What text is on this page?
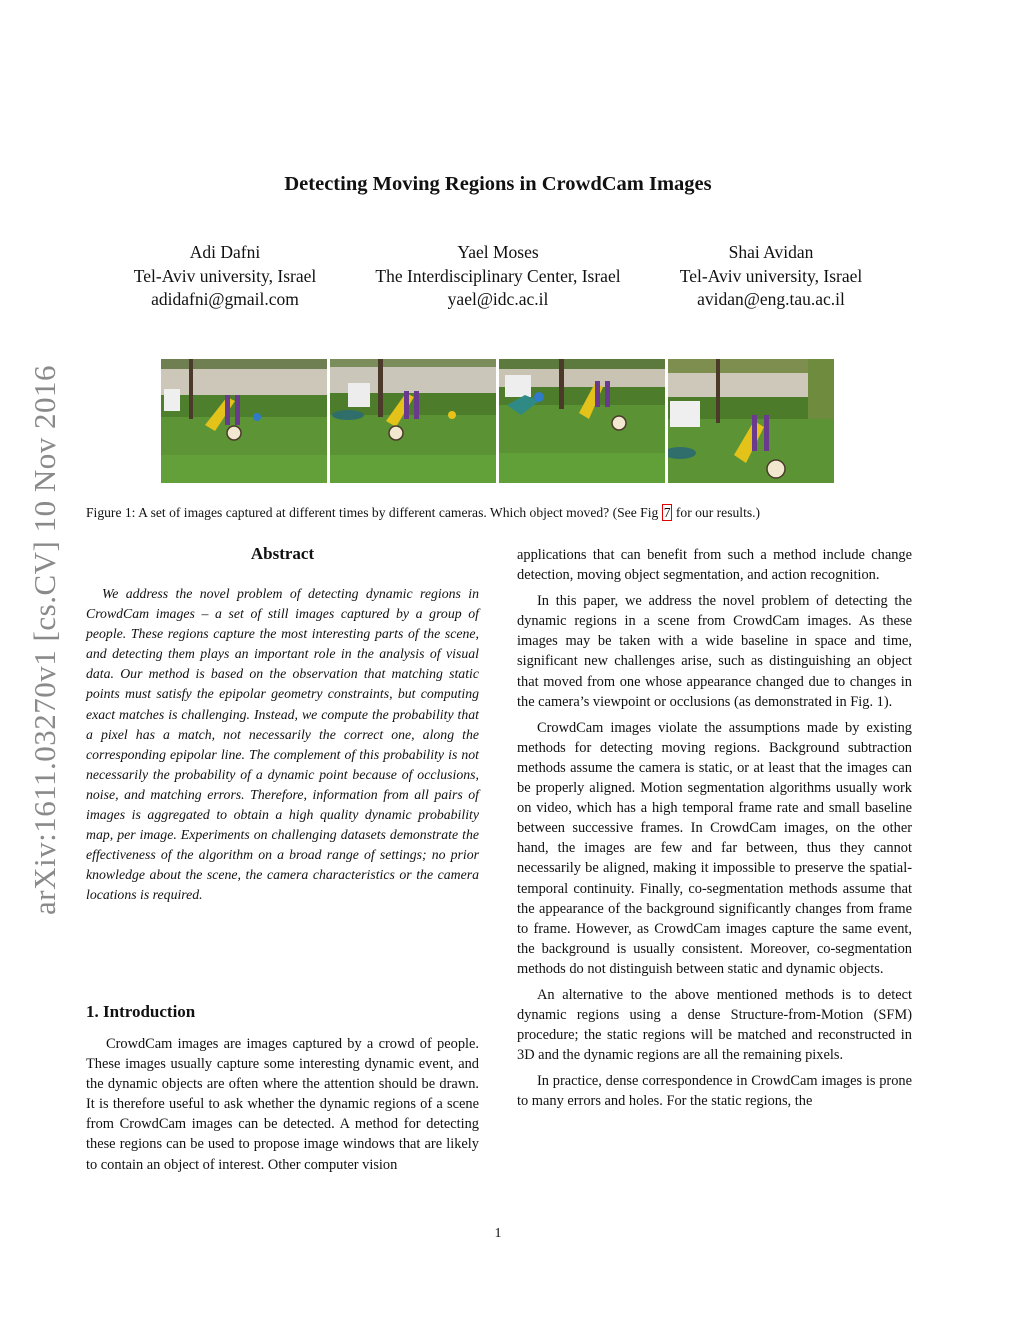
arXiv:1611.03270v1 [cs.CV] 10 Nov 2016
Detecting Moving Regions in CrowdCam Images
Adi Dafni
Tel-Aviv university, Israel
adidafni@gmail.com
Yael Moses
The Interdisciplinary Center, Israel
yael@idc.ac.il
Shai Avidan
Tel-Aviv university, Israel
avidan@eng.tau.ac.il
Figure 1: A set of images captured at different times by different cameras. Which object moved? (See Fig 7 for our results.)
Abstract
We address the novel problem of detecting dynamic regions in CrowdCam images – a set of still images captured by a group of people. These regions capture the most interesting parts of the scene, and detecting them plays an important role in the analysis of visual data. Our method is based on the observation that matching static points must satisfy the epipolar geometry constraints, but computing exact matches is challenging. Instead, we compute the probability that a pixel has a match, not necessarily the correct one, along the corresponding epipolar line. The complement of this probability is not necessarily the probability of a dynamic point because of occlusions, noise, and matching errors. Therefore, information from all pairs of images is aggregated to obtain a high quality dynamic probability map, per image. Experiments on challenging datasets demonstrate the effectiveness of the algorithm on a broad range of settings; no prior knowledge about the scene, the camera characteristics or the camera locations is required.
1. Introduction

CrowdCam images are images captured by a crowd of people. These images usually capture some interesting dynamic event, and the dynamic objects are often where the attention should be drawn. It is therefore useful to ask whether the dynamic regions of a scene from CrowdCam images can be detected. A method for detecting these regions can be used to propose image windows that are likely to contain an object of interest. Other computer vision

applications that can benefit from such a method include change detection, moving object segmentation, and action recognition.

In this paper, we address the novel problem of detecting the dynamic regions in a scene from CrowdCam images. As these images may be taken with a wide baseline in space and time, significant new challenges arise, such as distinguishing an object that moved from one whose appearance changed due to changes in the camera’s viewpoint or occlusions (as demonstrated in Fig. 1).

CrowdCam images violate the assumptions made by existing methods for detecting moving regions. Background subtraction methods assume the camera is static, or at least that the images can be properly aligned. Motion segmentation algorithms usually work on video, which has a high temporal frame rate and small baseline between successive frames. In CrowdCam images, on the other hand, the images are few and far between, thus they cannot necessarily be aligned, making it impossible to preserve the spatial-temporal continuity. Finally, co-segmentation methods assume that the appearance of the background significantly changes from frame to frame. However, as CrowdCam images capture the same event, the background is usually consistent. Moreover, co-segmentation methods do not distinguish between static and dynamic objects.

An alternative to the above mentioned methods is to detect dynamic regions using a dense Structure-from-Motion (SFM) procedure; the static regions will be matched and reconstructed in 3D and the dynamic regions are all the remaining pixels.

In practice, dense correspondence in CrowdCam images is prone to many errors and holes. For the static regions, the

1
